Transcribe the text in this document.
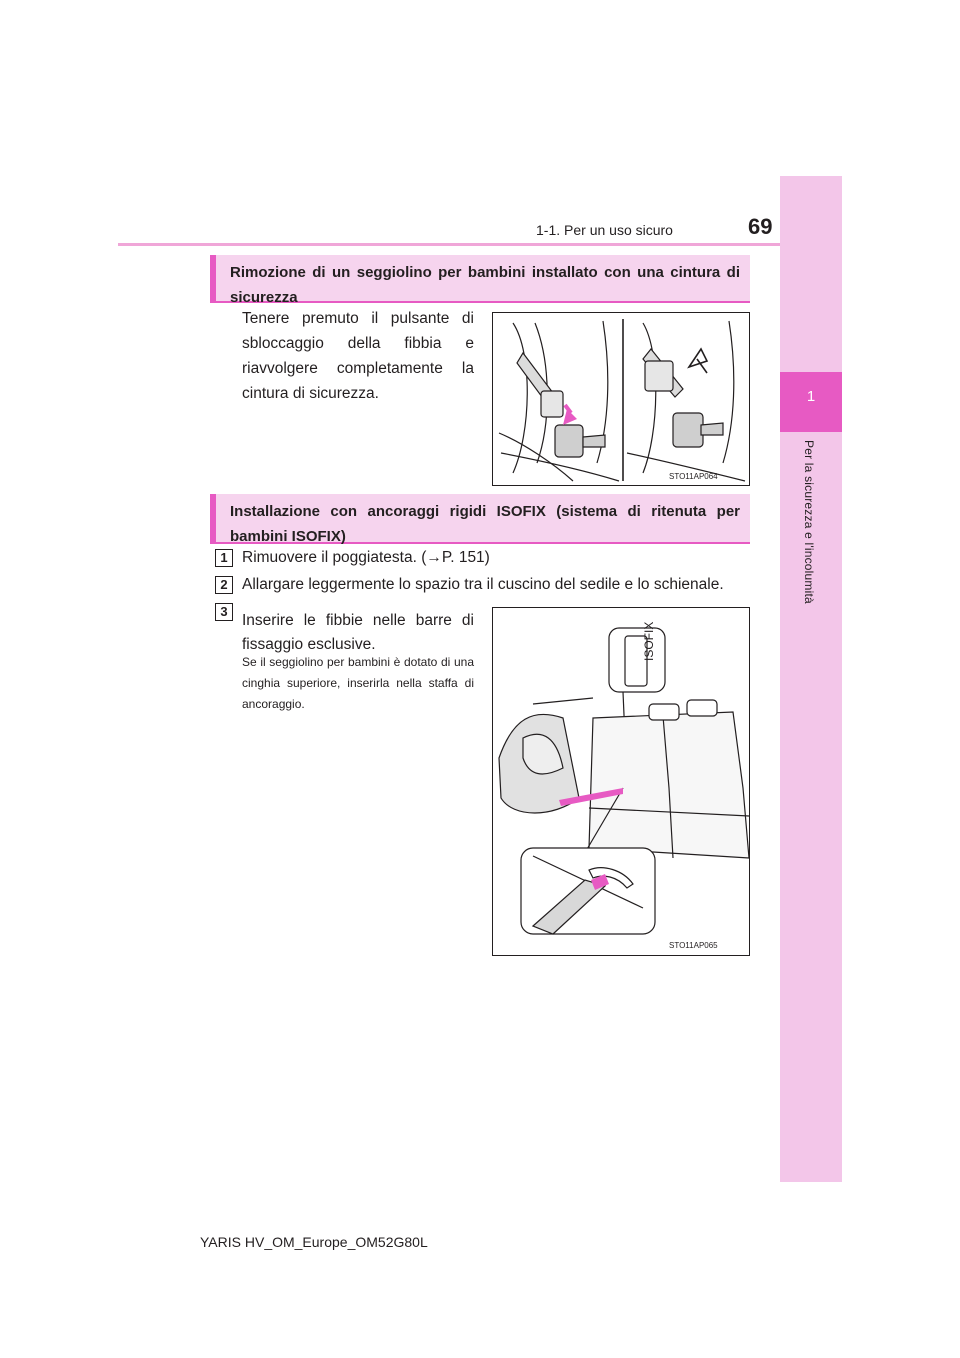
1-1. Per un uso sicuro	69
1
Per la sicurezza e l'incolumità
Rimozione di un seggiolino per bambini installato con una cintura di sicurezza
Tenere premuto il pulsante di sbloccaggio della fibbia e riavvolgere completamente la cintura di sicurezza.
STO11AP064
Installazione con ancoraggi rigidi ISOFIX (sistema di ritenuta per bambini ISOFIX)
1 Rimuovere il poggiatesta. (→P. 151)
2 Allargare leggermente lo spazio tra il cuscino del sedile e lo schienale.
3
Inserire le fibbie nelle barre di fissaggio esclusive.
Se il seggiolino per bambini è dotato di una cinghia superiore, inserirla nella staffa di ancoraggio.
ISOFIX
STO11AP065
YARIS HV_OM_Europe_OM52G80L
